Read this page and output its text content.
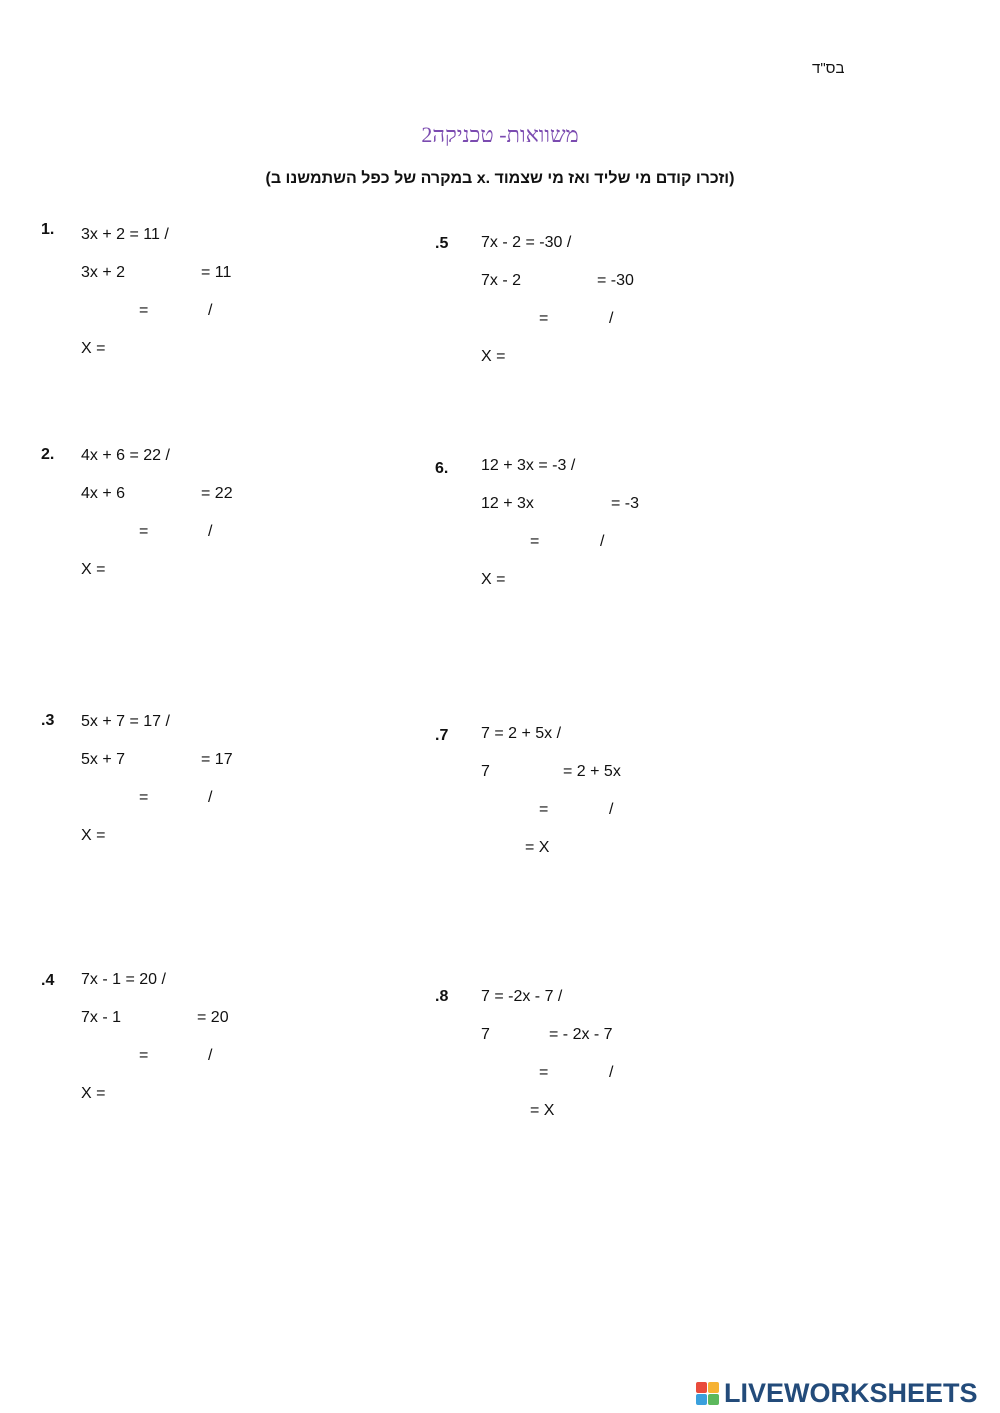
בס"ד
משוואות- טכניקה2
(במקרה של כפל השתמשנו ב x. וזכרו קודם מי שליד ואז מי שצמוד)
1. 3x + 2 = 11 /
3x + 2	= 11
=	/
X =
2. 4x + 6 = 22 /
4x + 6	= 22
=	/
X =
.3 5x + 7 = 17 /
5x + 7	= 17
=	/
X =
.4 7x - 1 = 20 /
7x - 1	= 20
=	/
X =
.5 7x - 2 = -30 /
7x - 2	= -30
=	/
X =
6. 12 + 3x = -3 /
12 + 3x	= -3
=	/
X =
.7 7 = 2 + 5x /
7	= 2 + 5x
=	/
= X
.8 7 = -2x - 7 /
7	= - 2x - 7
=	/
= X
LIVEWORKSHEETS
